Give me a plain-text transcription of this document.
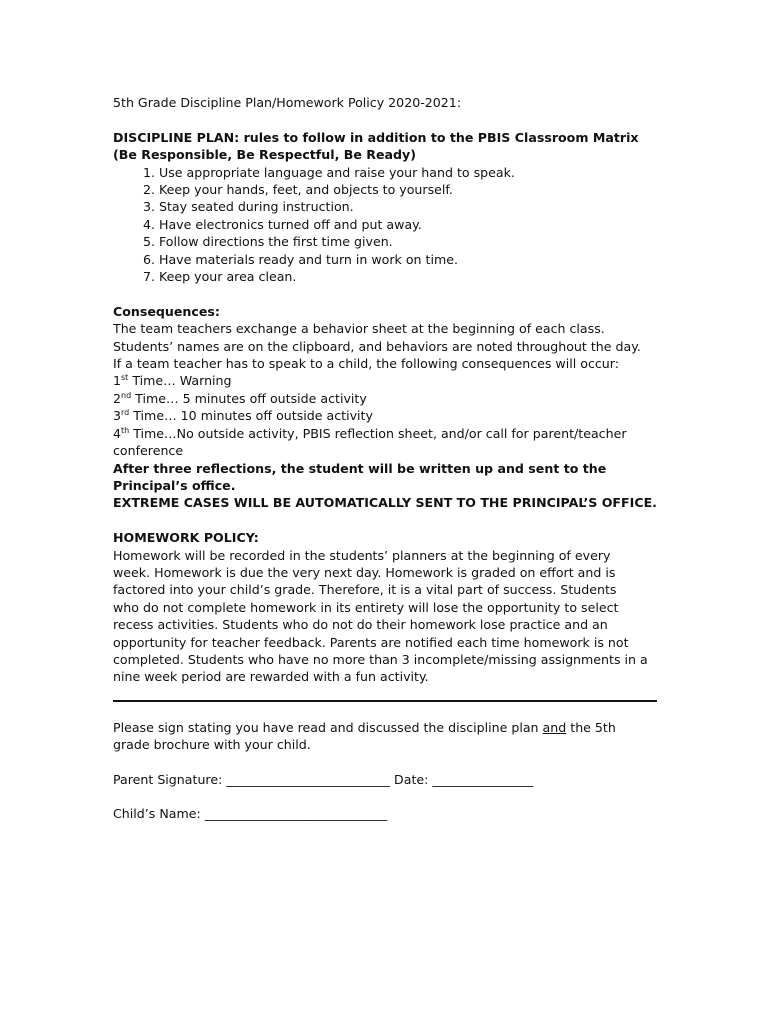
5th Grade Discipline Plan/Homework Policy 2020-2021:

DISCIPLINE PLAN: rules to follow in addition to the PBIS Classroom Matrix

(Be Responsible, Be Respectful, Be Ready)

1. Use appropriate language and raise your hand to speak.
2. Keep your hands, feet, and objects to yourself.
3. Stay seated during instruction.
4. Have electronics turned off and put away.
5. Follow directions the first time given.
6. Have materials ready and turn in work on time.
7. Keep your area clean.

Consequences:

The team teachers exchange a behavior sheet at the beginning of each class.

Students’ names are on the clipboard, and behaviors are noted throughout the day.

If a team teacher has to speak to a child, the following consequences will occur:

1st Time… Warning

2nd Time… 5 minutes off outside activity

3rd Time… 10 minutes off outside activity

4th Time…No outside activity, PBIS reflection sheet, and/or call for parent/teacher conference

After three reflections, the student will be written up and sent to the Principal’s office.

EXTREME CASES WILL BE AUTOMATICALLY SENT TO THE PRINCIPAL’S OFFICE.

HOMEWORK POLICY:

Homework will be recorded in the students’ planners at the beginning of every

week. Homework is due the very next day. Homework is graded on effort and is

factored into your child’s grade. Therefore, it is a vital part of success. Students

who do not complete homework in its entirety will lose the opportunity to select

recess activities. Students who do not do their homework lose practice and an

opportunity for teacher feedback. Parents are notified each time homework is not

completed. Students who have no more than 3 incomplete/missing assignments in a

nine week period are rewarded with a fun activity.

Please sign stating you have read and discussed the discipline plan and the 5th

grade brochure with your child.

Parent Signature: __________________________ Date: ________________

Child’s Name: _____________________________
